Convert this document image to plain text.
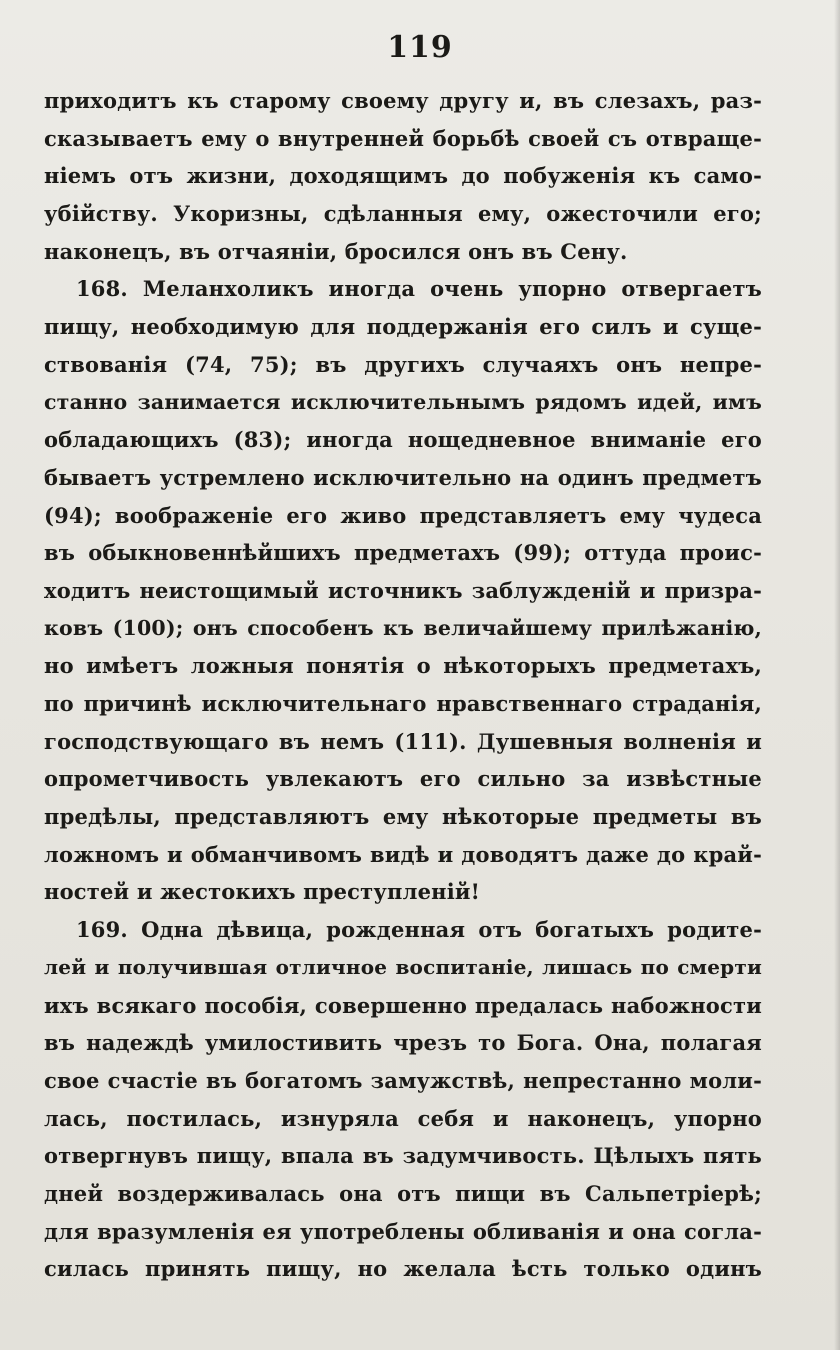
119
приходитъ къ старому своему другу и, въ слезахъ, раз-
сказываетъ ему о внутренней борьбѣ своей съ отвраще-
ніемъ отъ жизни, доходящимъ до побуженія къ само-
убійству. Укоризны, сдѣланныя ему, ожесточили его;
наконецъ, въ отчаяніи, бросился онъ въ Сену.
168. Меланхоликъ иногда очень упорно отвергаетъ
пищу, необходимую для поддержанія его силъ и суще-
ствованія (74, 75); въ другихъ случаяхъ онъ непре-
станно занимается исключительнымъ рядомъ идей, имъ
обладающихъ (83); иногда нощедневное вниманіе его
бываетъ устремлено исключительно на одинъ предметъ
(94); воображеніе его живо представляетъ ему чудеса
въ обыкновеннѣйшихъ предметахъ (99); оттуда проис-
ходитъ неистощимый источникъ заблужденій и призра-
ковъ (100); онъ способенъ къ величайшему прилѣжанію,
но имѣетъ ложныя понятія о нѣкоторыхъ предметахъ,
по причинѣ исключительнаго нравственнаго страданія,
господствующаго въ немъ (111). Душевныя волненія и
опрометчивость увлекаютъ его сильно за извѣстные
предѣлы, представляютъ ему нѣкоторые предметы въ
ложномъ и обманчивомъ видѣ и доводятъ даже до край-
ностей и жестокихъ преступленій!
169. Одна дѣвица, рожденная отъ богатыхъ родите-
лей и получившая отличное воспитаніе, лишась по смерти
ихъ всякаго пособія, совершенно предалась набожности
въ надеждѣ умилостивить чрезъ то Бога. Она, полагая
свое счастіе въ богатомъ замужствѣ, непрестанно моли-
лась, постилась, изнуряла себя и наконецъ, упорно
отвергнувъ пищу, впала въ задумчивость. Цѣлыхъ пять
дней воздерживалась она отъ пищи въ Сальпетріерѣ;
для вразумленія ея употреблены обливанія и она согла-
силась принять пищу, но желала ѣсть только одинъ
